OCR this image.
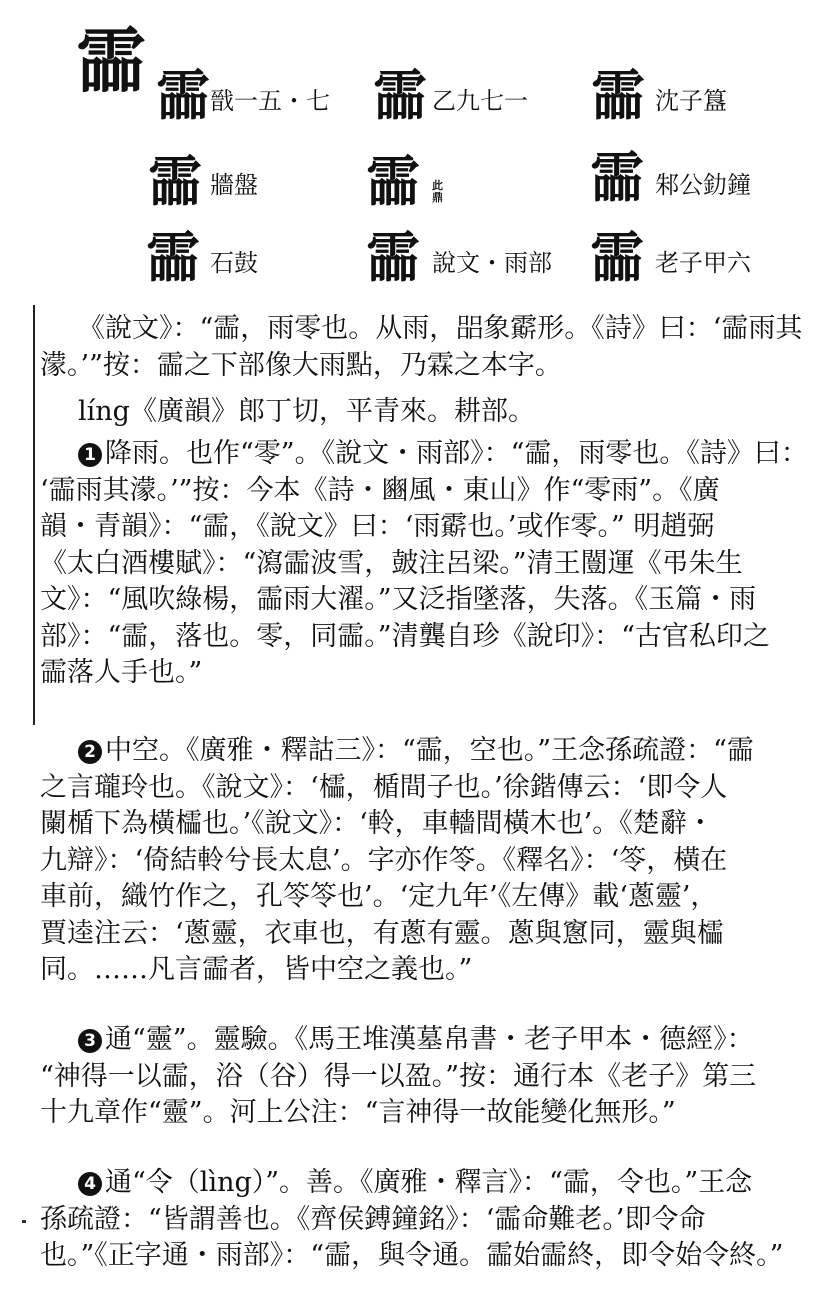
霝 霝 戩一五・七 霝 乙九七一 霝 沈子簋
霝 牆盤 霝	此鼎	霝 邾公釛鐘
霝 石鼓 霝 說文・雨部 霝 老子甲六
《說文》：“霝，雨零也。从雨，㗊象𩅰形。《詩》曰：‘霝雨其
濛。’”按：霝之下部像大雨點，乃霖之本字。
líng《廣韻》郎丁切，平青來。耕部。
1 降雨。也作“零”。《說文・雨部》：“霝，雨零也。《詩》曰：
‘霝雨其濛。’”按：今本《詩・豳風・東山》作“零雨”。《廣
韻・青韻》：“霝，《說文》曰：‘雨𩅰也。’或作零。” 明趙弼
《太白酒樓賦》：“瀉霝波雪，皷注呂梁。”清王闓運《弔朱生
文》：“風吹綠楊，霝雨大濯。”又泛指墜落，失落。《玉篇・雨
部》：“霝，落也。零，同霝。”清龔自珍《說印》：“古官私印之
霝落人手也。”
2 中空。《廣雅・釋詁三》：“霝，空也。”王念孫疏證：“霝
之言瓏玲也。《說文》：‘櫺，楯間子也。’徐鍇傳云：‘即令人
闌楯下為橫櫺也。’《說文》：‘軨，車轖間橫木也’。《楚辭・
九辯》：‘倚結軨兮長太息’。字亦作笭。《釋名》：‘笭，橫在
車前，織竹作之，孔笭笭也’。‘定九年’《左傳》載‘蔥靈’，
賈逵注云：‘蔥靈，衣車也，有蔥有靈。蔥與窻同，靈與櫺
同。……凡言霝者，皆中空之義也。”
3 通“靈”。靈驗。《馬王堆漢墓帛書・老子甲本・德經》：
“神得一以霝，浴（谷）得一以盈。”按：通行本《老子》第三
十九章作“靈”。河上公注：“言神得一故能變化無形。”
4 通“令（lìng）”。善。《廣雅・釋言》：“霝，令也。”王念
孫疏證：“皆謂善也。《齊侯鎛鐘銘》：‘霝命難老。’即令命
也。”《正字通・雨部》：“霝，與令通。霝始霝終，即令始令終。”
